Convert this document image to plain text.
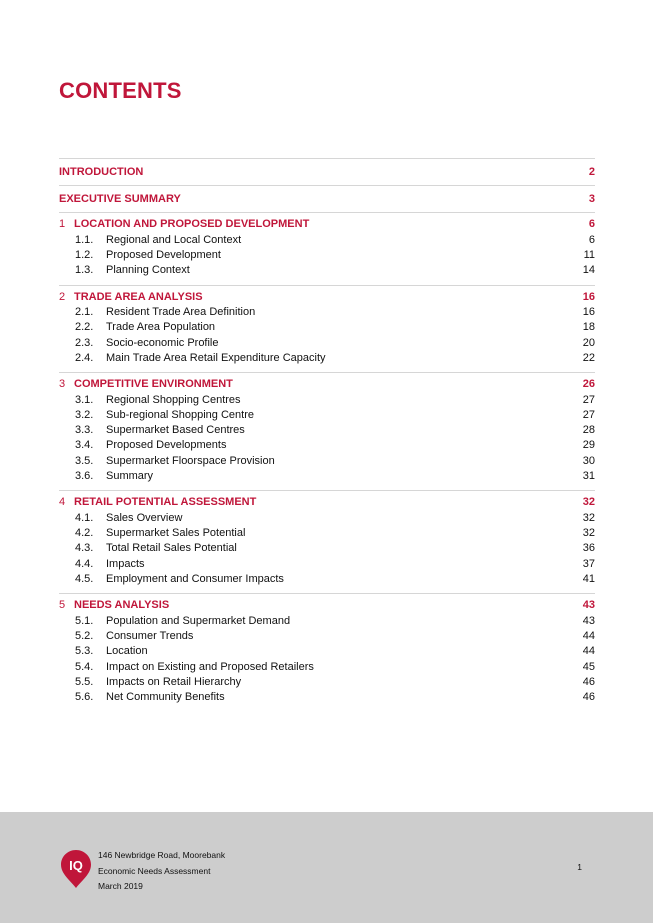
CONTENTS
INTRODUCTION	2
EXECUTIVE SUMMARY	3
1 LOCATION AND PROPOSED DEVELOPMENT	6
1.1.	Regional and Local Context	6
1.2.	Proposed Development	11
1.3.	Planning Context	14
2 TRADE AREA ANALYSIS	16
2.1.	Resident Trade Area Definition	16
2.2.	Trade Area Population	18
2.3.	Socio-economic Profile	20
2.4.	Main Trade Area Retail Expenditure Capacity	22
3 COMPETITIVE ENVIRONMENT	26
3.1.	Regional Shopping Centres	27
3.2.	Sub-regional Shopping Centre	27
3.3.	Supermarket Based Centres	28
3.4.	Proposed Developments	29
3.5.	Supermarket Floorspace Provision	30
3.6.	Summary	31
4 RETAIL POTENTIAL ASSESSMENT	32
4.1.	Sales Overview	32
4.2.	Supermarket Sales Potential	32
4.3.	Total Retail Sales Potential	36
4.4.	Impacts	37
4.5.	Employment and Consumer Impacts	41
5 NEEDS ANALYSIS	43
5.1.	Population and Supermarket Demand	43
5.2.	Consumer Trends	44
5.3.	Location	44
5.4.	Impact on Existing and Proposed Retailers	45
5.5.	Impacts on Retail Hierarchy	46
5.6.	Net Community Benefits	46
IQ
146 Newbridge Road, Moorebank
Economic Needs Assessment
March 2019
1
